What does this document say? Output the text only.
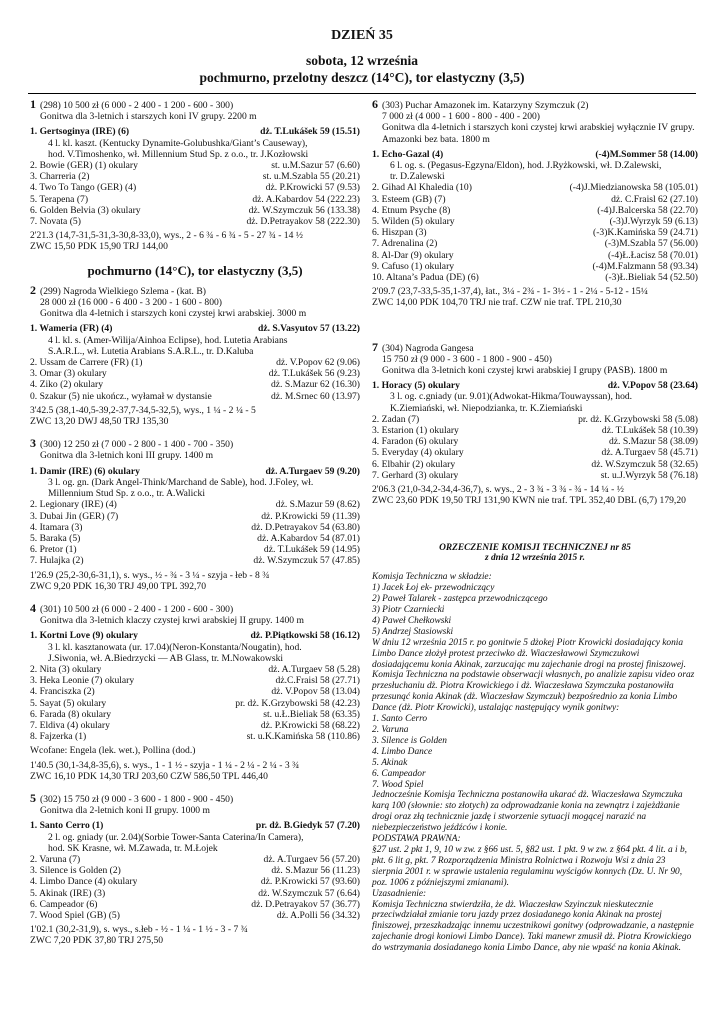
DZIEŃ 35
sobota, 12 września
pochmurno, przelotny deszcz (14°C), tor elastyczny (3,5)
1 (298) 10 500 zł (6 000 - 2 400 - 1 200 - 600 - 300)
Gonitwa dla 3-letnich i starszych koni IV grupy. 2200 m
1. Gertsoginya (IRE) (6)	dż. T.Lukášek 59 (15.51)
4 l. kl. kaszt. (Kentucky Dynamite-Golubushka/Giant’s Causeway),
hod. V.Timoshenko, wł. Millennium Stud Sp. z o.o., tr. J.Kozłowski
2. Bowie (GER) (1) okulary	st. u.M.Sazur 57 (6.60)
3. Charreria (2)	st. u.M.Szabla 55 (20.21)
4. Two To Tango (GER) (4)	dż. P.Krowicki 57 (9.53)
5. Terapena (7)	dż. A.Kabardov 54 (222.23)
6. Golden Belvia (3) okulary	dż. W.Szymczuk 56 (133.38)
7. Novata (5)	dż. D.Petrayakov 58 (222.30)
2'21.3 (14,7-31,5-31,3-30,8-33,0), wys., 2 - 6 ¾ - 6 ¾ - 5 - 27 ¾ - 14 ½
ZWC 15,50 PDK 15,90 TRJ 144,00
pochmurno (14°C), tor elastyczny (3,5)
2 (299) Nagroda Wielkiego Szlema - (kat. B)
28 000 zł (16 000 - 6 400 - 3 200 - 1 600 - 800)
Gonitwa dla 4-letnich i starszych koni czystej krwi arabskiej. 3000 m
1. Wameria (FR) (4)	dż. S.Vasyutov 57 (13.22)
4 l. kl. s. (Amer-Wilija/Ainhoa Eclipse), hod. Lutetia Arabians
S.A.R.L., wł. Lutetia Arabians S.A.R.L., tr. D.Kaluba
2. Ussam de Carrere (FR) (1)	dż. V.Popov 62 (9.06)
3. Omar (3) okulary	dż. T.Lukášek 56 (9.23)
4. Ziko (2) okulary	dż. S.Mazur 62 (16.30)
0. Szakur (5) nie ukończ., wyłamał w dystansie	dż. M.Srnec 60 (13.97)
3'42.5 (38,1-40,5-39,2-37,7-34,5-32,5), wys., 1 ¼ - 2 ¼ - 5
ZWC 13,20 DWJ 48,50 TRJ 135,30
3 (300) 12 250 zł (7 000 - 2 800 - 1 400 - 700 - 350)
Gonitwa dla 3-letnich koni III grupy. 1400 m
1. Damir (IRE) (6) okulary	dż. A.Turgaev 59 (9.20)
3 l. og. gn. (Dark Angel-Think/Marchand de Sable), hod. J.Foley, wł.
Millennium Stud Sp. z o.o., tr. A.Walicki
2. Legionary (IRE) (4)	dż. S.Mazur 59 (8.62)
3. Dubai Jin (GER) (7)	dż. P.Krowicki 59 (11.39)
4. Itamara (3)	dż. D.Petrayakov 54 (63.80)
5. Baraka (5)	dż. A.Kabardov 54 (87.01)
6. Pretor (1)	dż. T.Lukášek 59 (14.95)
7. Hulajka (2)	dż. W.Szymczuk 57 (47.85)
1'26.9 (25,2-30,6-31,1), s. wys., ½ - ¾ - 3 ¼ - szyja - łeb - 8 ¾
ZWC 9,20 PDK 16,30 TRJ 49,00 TPL 392,70
4 (301) 10 500 zł (6 000 - 2 400 - 1 200 - 600 - 300)
Gonitwa dla 3-letnich klaczy czystej krwi arabskiej II grupy. 1400 m
1. Kortni Love (9) okulary	dż. P.Piątkowski 58 (16.12)
3 l. kl. kasztanowata (ur. 17.04)(Neron-Konstanta/Nougatin), hod.
J.Siwonia, wł. A.Biedrzycki — AB Glass, tr. M.Nowakowski
2. Nita (3) okulary	dż. A.Turgaev 58 (5.28)
3. Heka Leonie (7) okulary	dż.C.Fraisl 58 (27.71)
4. Franciszka (2)	dż. V.Popov 58 (13.04)
5. Sayat (5) okulary	pr. dż. K.Grzybowski 58 (42.23)
6. Farada (8) okulary	st. u.Ł.Bieliak 58 (63.35)
7. Eldiva (4) okulary	dż. P.Krowicki 58 (68.22)
8. Fajzerka (1)	st. u.K.Kamińska 58 (110.86)
Wcofane: Engela (lek. wet.), Pollina (dod.)
1'40.5 (30,1-34,8-35,6), s. wys., 1 - 1 ½ - szyja - 1 ¼ - 2 ¼ - 2 ¼ - 3 ¾
ZWC 16,10 PDK 14,30 TRJ 203,60 CZW 586,50 TPL 446,40
5 (302) 15 750 zł (9 000 - 3 600 - 1 800 - 900 - 450)
Gonitwa dla 2-letnich koni II grupy. 1000 m
1. Santo Cerro (1)	pr. dż. B.Giedyk 57 (7.20)
2 l. og. gniady (ur. 2.04)(Sorbie Tower-Santa Caterina/In Camera),
hod. SK Krasne, wł. M.Zawada, tr. M.Łojek
2. Varuna (7)	dż. A.Turgaev 56 (57.20)
3. Silence is Golden (2)	dż. S.Mazur 56 (11.23)
4. Limbo Dance (4) okulary	dż. P.Krowicki 57 (93.60)
5. Akinak (IRE) (3)	dż. W.Szymczuk 57 (6.64)
6. Campeador (6)	dż. D.Petrayakov 57 (36.77)
7. Wood Spiel (GB) (5)	dż. A.Polli 56 (34.32)
1'02.1 (30,2-31,9), s. wys., s.łeb - ½ - 1 ¼ - 1 ½ - 3 - 7 ¾
ZWC 7,20 PDK 37,80 TRJ 275,50
6 (303) Puchar Amazonek im. Katarzyny Szymczuk (2)
7 000 zł (4 000 - 1 600 - 800 - 400 - 200)
Gonitwa dla 4-letnich i starszych koni czystej krwi arabskiej wyłącznie IV grupy. Amazonki bez bata. 1800 m
1. Echo-Gazal (4)	(-4)M.Sommer 58 (14.00)
6 l. og. s. (Pegasus-Egzyna/Eldon), hod. J.Ryżkowski, wł. D.Zalewski,
tr. D.Zalewski
2. Gihad Al Khaledia (10)	(-4)J.Miedzianowska 58 (105.01)
3. Esteem (GB) (7)	dż. C.Fraisl 62 (27.10)
4. Etnum Psyche (8)	(-4)J.Balcerska 58 (22.70)
5. Wilden (5) okulary	(-3)J.Wyrzyk 59 (6.13)
6. Hiszpan (3)	(-3)K.Kamińska 59 (24.71)
7. Adrenalina (2)	(-3)M.Szabla 57 (56.00)
8. Al-Dar (9) okulary	(-4)Ł.Łacisz 58 (70.01)
9. Cafuso (1) okulary	(-4)M.Falzmann 58 (93.34)
10. Altana’s Padua (DE) (6)	(-3)Ł.Bieliak 54 (52.50)
2'09.7 (23,7-33,5-35,1-37,4), łat., 3¼ - 2¾ - 1- 3½ - 1 - 2¼ - 5-12 - 15¼
ZWC 14,00 PDK 104,70 TRJ nie traf. CZW nie traf. TPL 210,30
7 (304) Nagroda Gangesa
15 750 zł (9 000 - 3 600 - 1 800 - 900 - 450)
Gonitwa dla 3-letnich koni czystej krwi arabskiej I grupy (PASB). 1800 m
1. Horacy (5) okulary	dż. V.Popov 58 (23.64)
3 l. og. c.gniady (ur. 9.01)(Adwokat-Hikma/Touwayssan), hod.
K.Ziemiański, wł. Niepodzianka, tr. K.Ziemiański
2. Zadan (7)	pr. dż. K.Grzybowski 58 (5.08)
3. Estarion (1) okulary	dż. T.Lukášek 58 (10.39)
4. Faradon (6) okulary	dż. S.Mazur 58 (38.09)
5. Everyday (4) okulary	dż. A.Turgaev 58 (45.71)
6. Elbahir (2) okulary	dż. W.Szymczuk 58 (32.65)
7. Gerhard (3) okulary	st. u.J.Wyrzyk 58 (76.18)
2'06.3 (21,0-34,2-34,4-36,7), s. wys., 2 - 3 ¾ - 3 ¾ - ¾ - 14 ¼ - ½
ZWC 23,60 PDK 19,50 TRJ 131,90 KWN nie traf. TPL 352,40 DBL (6,7) 179,20
ORZECZENIE KOMISJI TECHNICZNEJ nr 85
z dnia 12 września 2015 r.

Komisja Techniczna w składzie:

1) Jacek Łoj ek- przewodniczący

2) Paweł Talarek - zastępca przewodniczącego

3) Piotr Czarniecki

4) Paweł Chełkowski

5) Andrzej Stasiowski

W dniu 12 września 2015 r. po gonitwie 5 dżokej Piotr Krowicki dosiadający konia Limbo Dance złożył protest przeciwko dż. Wiaczesławowi Szymczukowi dosiadającemu konia Akinak, zarzucając mu zajechanie drogi na prostej finiszowej.

Komisja Techniczna na podstawie obserwacji własnych, po analizie zapisu video oraz przesłuchaniu dż. Piotra Krowickiego i dż. Wiaczesława Szymczuka postanowiła przesunąć konia Akinak (dż. Wiaczesław Szymczuk) bezpośrednio za konia Limbo Dance (dż. Piotr Krowicki), ustalając następujący wynik gonitwy:

1. Santo Cerro

2. Varuna

3. Silence is Golden

4. Limbo Dance

5. Akinak

6. Campeador

7. Wood Spiel

Jednocześnie Komisja Techniczna postanowiła ukarać dż. Wiaczesława Szymczuka karą 100 (słownie: sto złotych) za odprowadzanie konia na zewnątrz i zajeżdżanie drogi oraz złą technicznie jazdę i stworzenie sytuacji mogącej narazić na niebezpieczeństwo jeźdźców i konie.

PODSTAWA PRAWNA:

§27 ust. 2 pkt 1, 9, 10 w zw. z §66 ust. 5, §82 ust. 1 pkt. 9 w zw. z §64 pkt. 4 lit. a i b, pkt. 6 lit g, pkt. 7 Rozporządzenia Ministra Rolnictwa i Rozwoju Wsi z dnia 23 sierpnia 2001 r. w sprawie ustalenia regulaminu wyścigów konnych (Dz. U. Nr 90, poz. 1006 z późniejszymi zmianami).

Uzasadnienie:

Komisja Techniczna stwierdziła, że dż. Wiaczesław Szyinczuk nieskutecznie przeciwdziałał zmianie toru jazdy przez dosiadanego konia Akinak na prostej finiszowej, przeszkadzając innemu uczestnikowi gonitwy (odprowadzanie, a następnie zajechanie drogi koniowi Limbo Dance). Taki manewr zmusił dż. Piotra Krowickiego do wstrzymania dosiadanego konia Limbo Dance, aby nie wpaść na konia Akinak.
